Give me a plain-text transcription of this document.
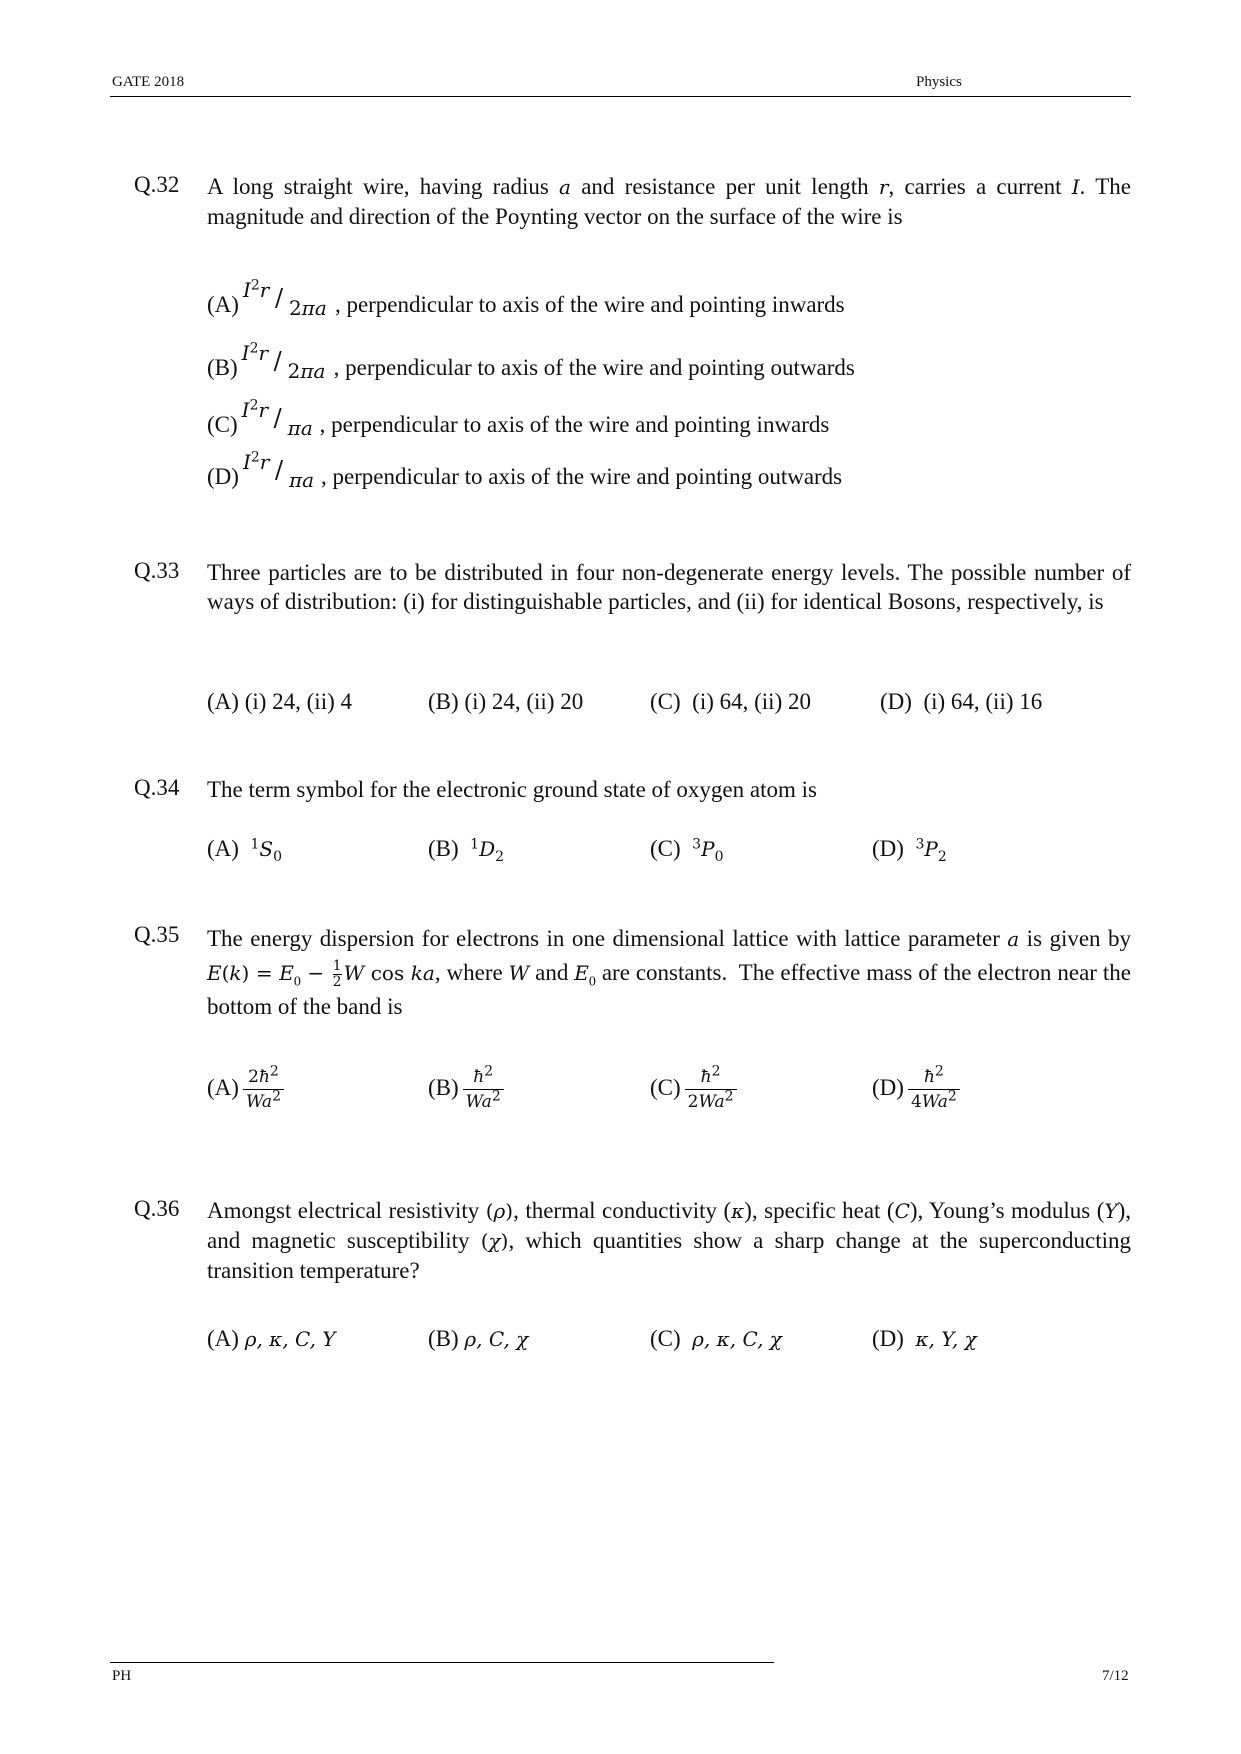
GATE 2018	Physics
Q.32 A long straight wire, having radius a and resistance per unit length r, carries a current I. The magnitude and direction of the Poynting vector on the surface of the wire is
(A)
$I^2r / 2\pi a$ , perpendicular to axis of the wire and pointing inwards
(B)
$I^2r / 2\pi a$ , perpendicular to axis of the wire and pointing outwards
(C)
$I^2r$ / πa , perpendicular to axis of the wire and pointing inwards
(D)
$I^2r$ / πa , perpendicular to axis of the wire and pointing outwards
Q.33 Three particles are to be distributed in four non-degenerate energy levels. The possible number of ways of distribution: (i) for distinguishable particles, and (ii) for identical Bosons, respectively, is
(A) (i) 24, (ii) 4	(B) (i) 24, (ii) 20	(C) (i) 64, (ii) 20	(D) (i) 64, (ii) 16
Q.34 The term symbol for the electronic ground state of oxygen atom is
(A) $^1S_0$	(B) $^1D_2$	(C) $^3P_0$	(D) $^3P_2$
Q.35 The energy dispersion for electrons in one dimensional lattice with lattice parameter a is given by $E(k) = E_0 - \frac{1}{2}$ W cos ka, where W and $E_0$ are constants.  The effective mass of the electron near the bottom of the band is
$(A) \frac{2ħ^2}{Wa^2}$	$(B) \frac{ħ^2}{Wa^2}$	$(C) \frac{ħ^2}{2Wa^2}$	$(D) \frac{ħ^2}{4Wa^2}$
Q.36 Amongst electrical resistivity (ρ), thermal conductivity (κ), specific heat (C), Young’s modulus (Y), and magnetic susceptibility (χ), which quantities show a sharp change at the superconducting transition temperature?
(A) ρ, κ, C, Y	(B) ρ, C, χ	(C) ρ, κ, C, χ	(D) κ, Y, χ
PH	7/12
